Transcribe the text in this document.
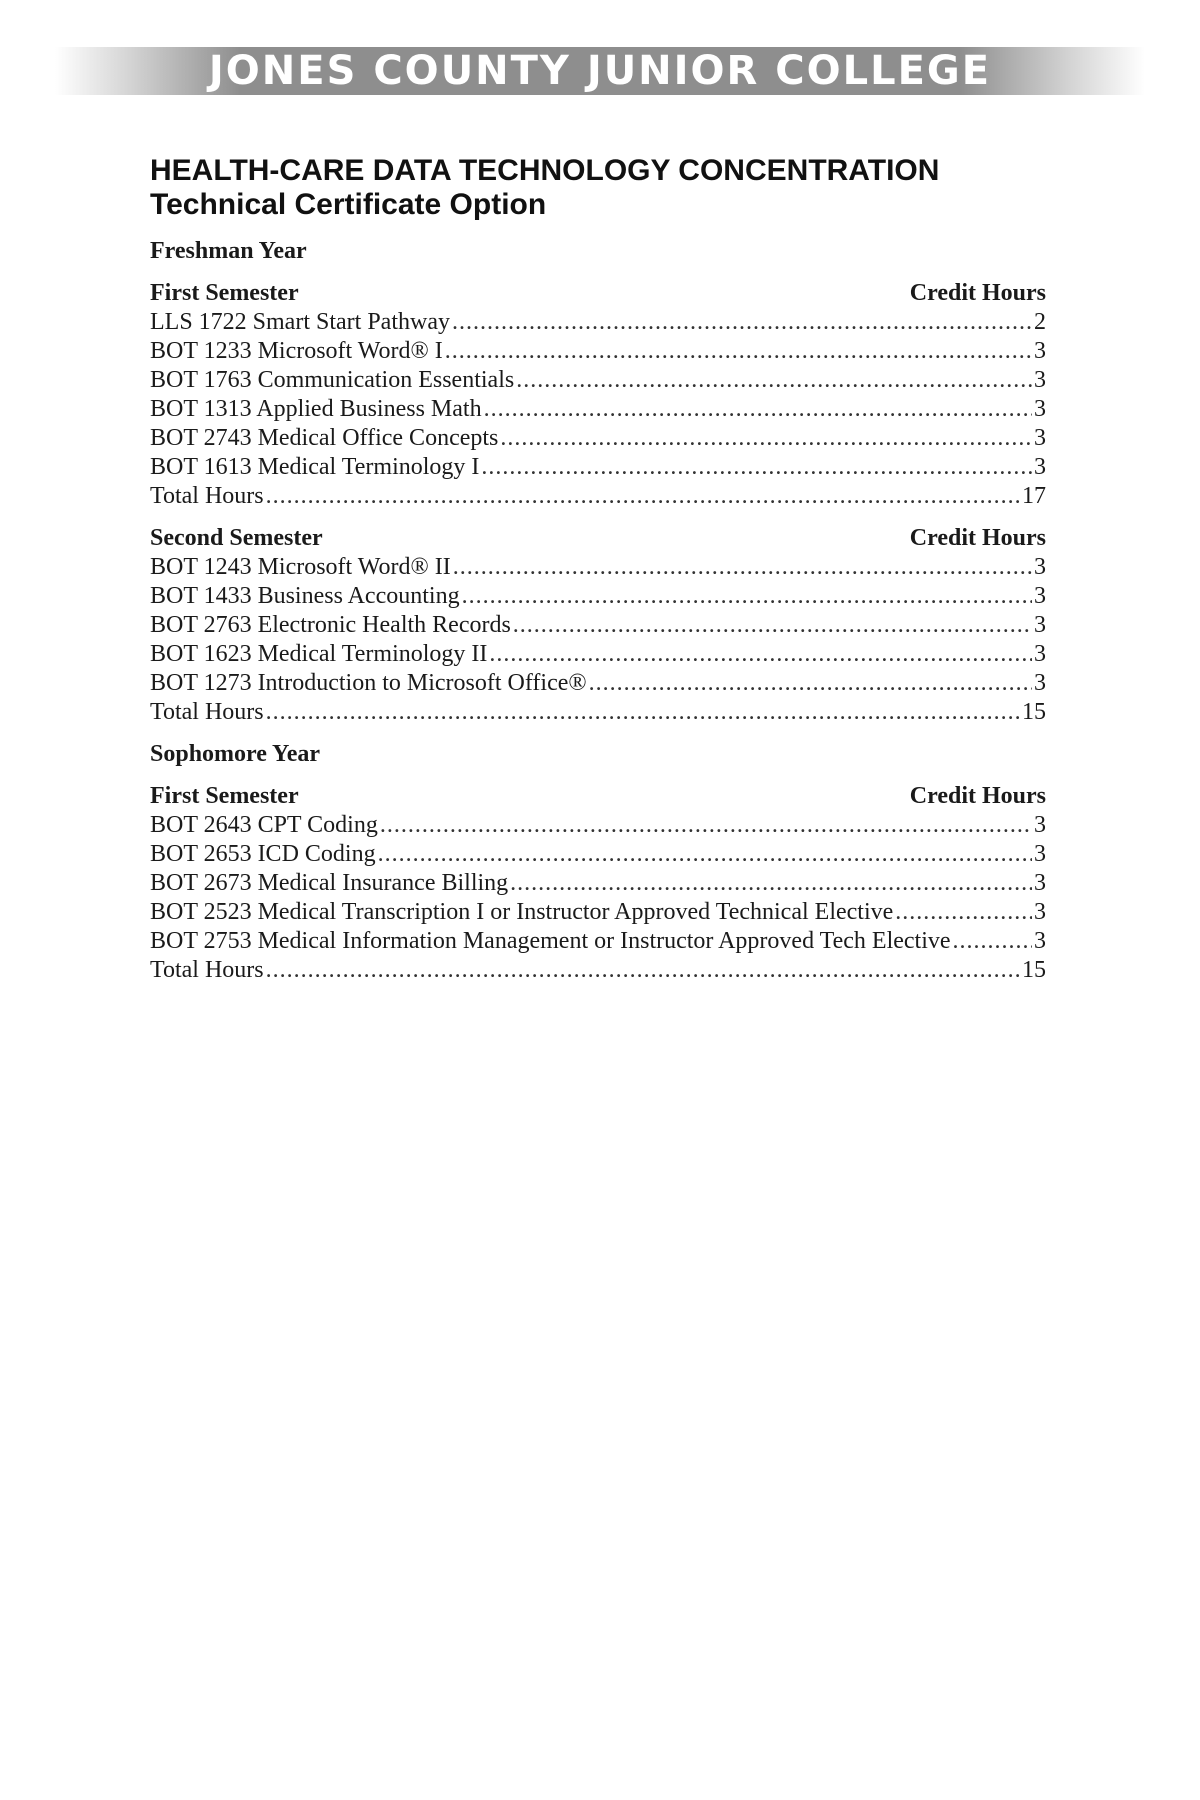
JONES COUNTY JUNIOR COLLEGE
HEALTH-CARE DATA TECHNOLOGY CONCENTRATION
Technical Certificate Option
Freshman Year
First Semester	Credit Hours
LLS 1722 Smart Start Pathway .....	2
BOT 1233 Microsoft Word® I .....	3
BOT 1763 Communication Essentials .....	3
BOT 1313 Applied Business Math .....	3
BOT 2743 Medical Office Concepts .....	3
BOT 1613 Medical Terminology I .....	3
Total Hours .....	17
Second Semester	Credit Hours
BOT 1243 Microsoft Word® II .....	3
BOT 1433 Business Accounting .....	3
BOT 2763 Electronic Health Records .....	3
BOT 1623 Medical Terminology II .....	3
BOT 1273 Introduction to Microsoft Office® .....	3
Total Hours .....	15
Sophomore Year
First Semester	Credit Hours
BOT 2643 CPT Coding .....	3
BOT 2653 ICD Coding .....	3
BOT 2673 Medical Insurance Billing .....	3
BOT 2523 Medical Transcription I or Instructor Approved Technical Elective .....	3
BOT 2753 Medical Information Management or Instructor Approved Tech Elective .....	3
Total Hours .....	15
